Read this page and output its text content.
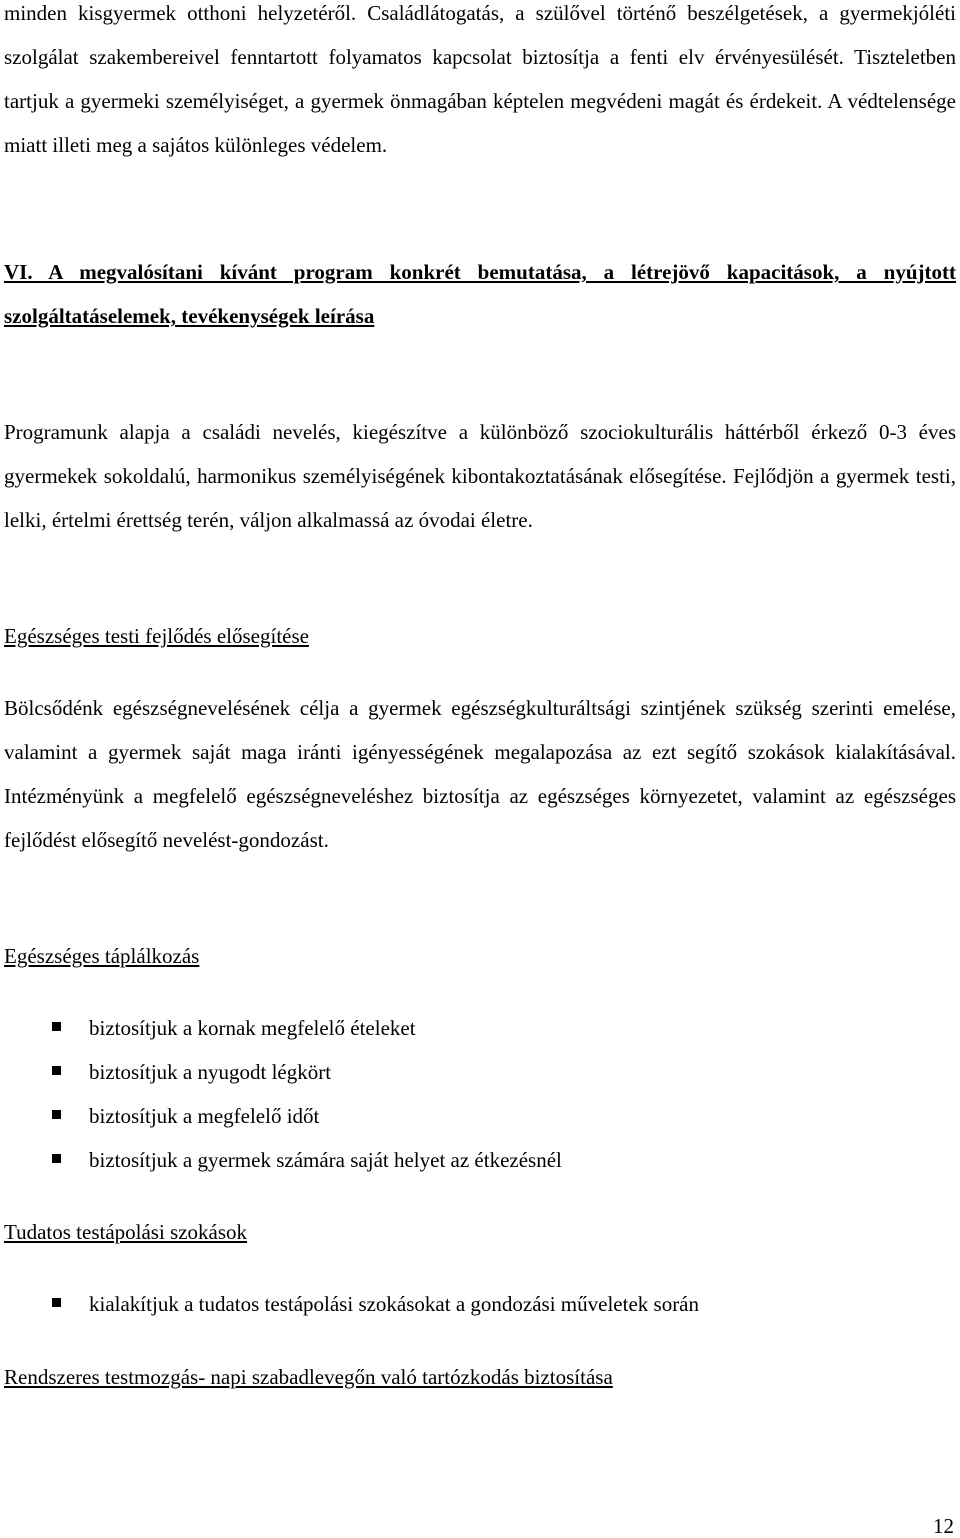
minden kisgyermek otthoni helyzetéről. Családlátogatás, a szülővel történő beszélgetések, a gyermekjóléti szolgálat szakembereivel fenntartott folyamatos kapcsolat biztosítja a fenti elv érvényesülését. Tiszteletben tartjuk a gyermeki személyiséget, a gyermek önmagában képtelen megvédeni magát és érdekeit. A védtelensége miatt illeti meg a sajátos különleges védelem.

VI. A megvalósítani kívánt program konkrét bemutatása, a létrejövő kapacitások, a nyújtott szolgáltatáselemek, tevékenységek leírása

Programunk alapja a családi nevelés, kiegészítve a különböző szociokulturális háttérből érkező 0-3 éves gyermekek sokoldalú, harmonikus személyiségének kibontakoztatásának elősegítése. Fejlődjön a gyermek testi, lelki, értelmi érettség terén, váljon alkalmassá az óvodai életre.

Egészséges testi fejlődés elősegítése

Bölcsődénk egészségnevelésének célja a gyermek egészségkulturáltsági szintjének szükség szerinti emelése, valamint a gyermek saját maga iránti igényességének megalapozása az ezt segítő szokások kialakításával. Intézményünk a megfelelő egészségneveléshez biztosítja az egészséges környezetet, valamint az egészséges fejlődést elősegítő nevelést-gondozást.

Egészséges táplálkozás
biztosítjuk a kornak megfelelő ételeket
biztosítjuk a nyugodt légkört
biztosítjuk a megfelelő időt
biztosítjuk a gyermek számára saját helyet az étkezésnél
Tudatos testápolási szokások
kialakítjuk a tudatos testápolási szokásokat a gondozási műveletek során
Rendszeres testmozgás- napi szabadlevegőn való tartózkodás biztosítása
12
